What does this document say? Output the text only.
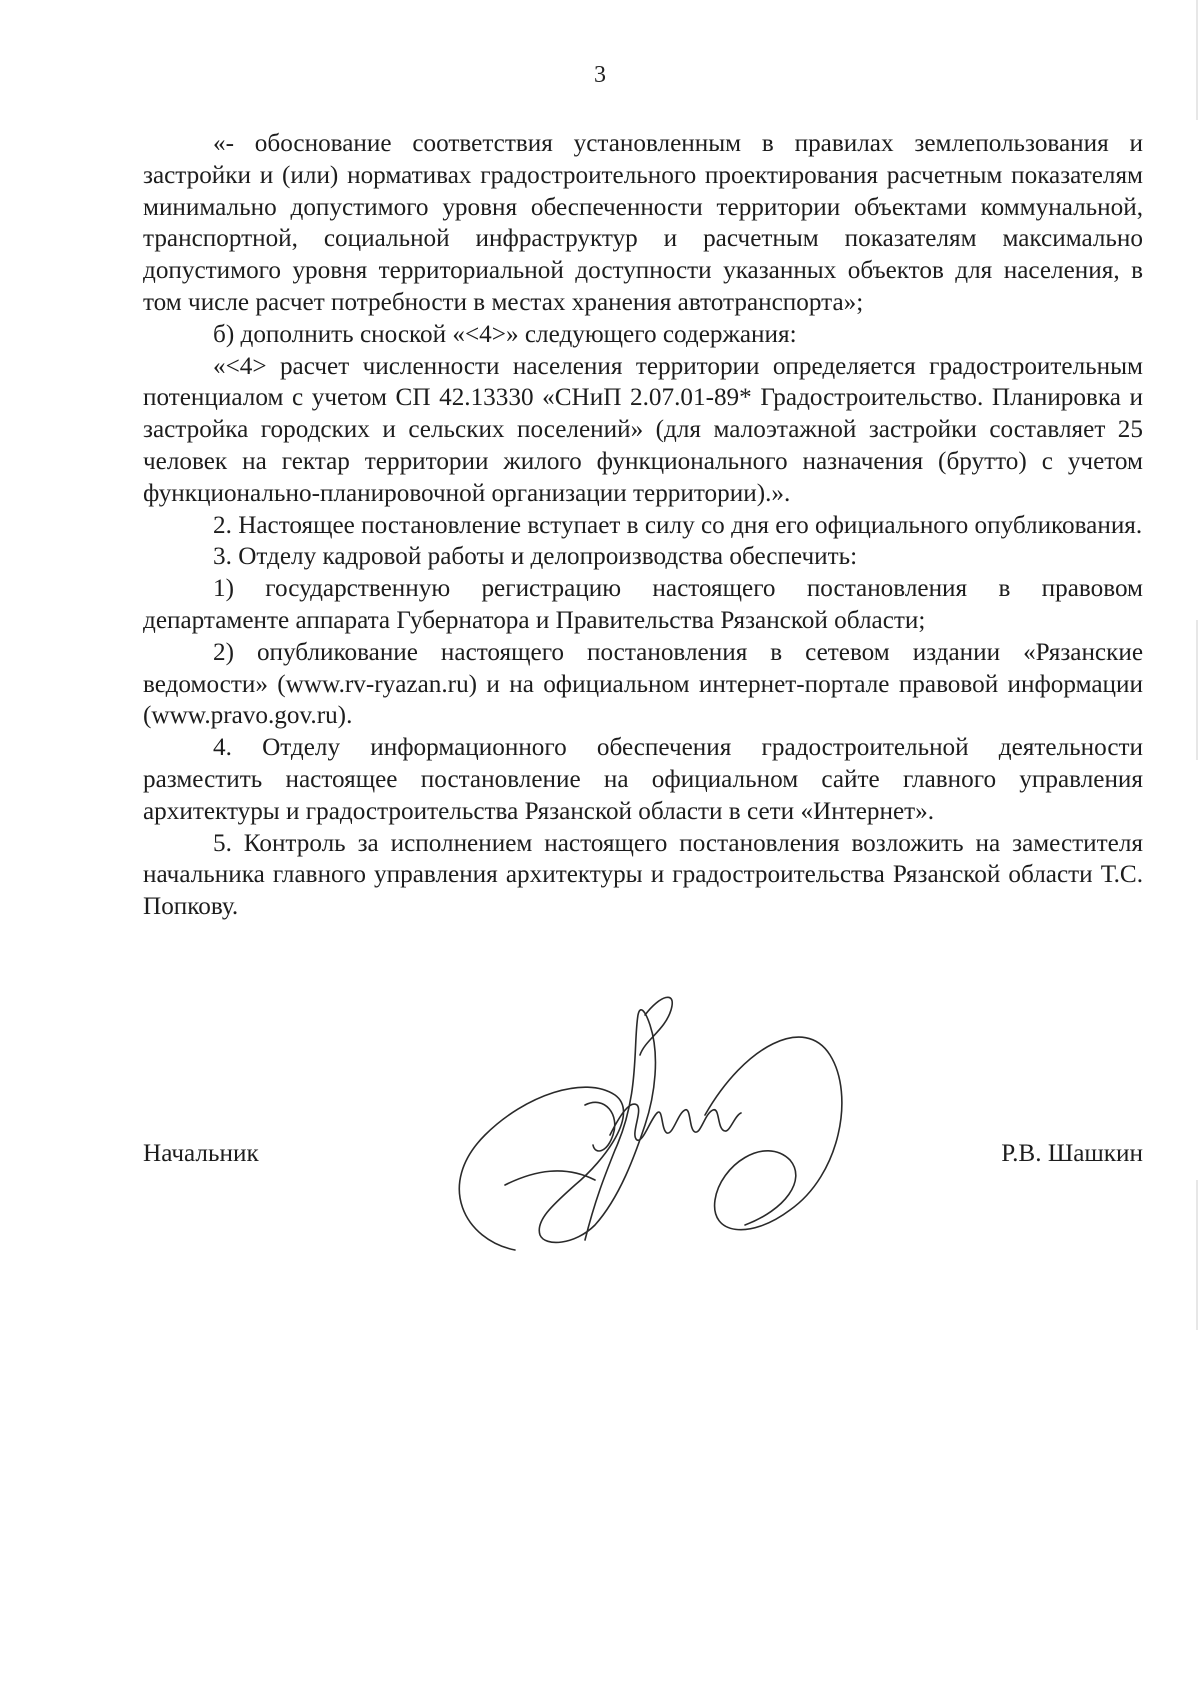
3

«- обоснование соответствия установленным в правилах землепользования и застройки и (или) нормативах градостроительного проектирования расчетным показателям минимально допустимого уровня обеспеченности территории объектами коммунальной, транспортной, социальной инфраструктур и расчетным показателям максимально допустимого уровня территориальной доступности указанных объектов для населения, в том числе расчет потребности в местах хранения автотранспорта»;

б) дополнить сноской «<4>» следующего содержания:

«<4> расчет численности населения территории определяется градостроительным потенциалом с учетом СП 42.13330 «СНиП 2.07.01-89* Градостроительство. Планировка и застройка городских и сельских поселений» (для малоэтажной застройки составляет 25 человек на гектар территории жилого функционального назначения (брутто) с учетом функционально-планировочной организации территории).».

2. Настоящее постановление вступает в силу со дня его официального опубликования.

3. Отделу кадровой работы и делопроизводства обеспечить:

1) государственную регистрацию настоящего постановления в правовом департаменте аппарата Губернатора и Правительства Рязанской области;

2) опубликование настоящего постановления в сетевом издании «Рязанские ведомости» (www.rv-ryazan.ru) и на официальном интернет-портале правовой информации (www.pravo.gov.ru).

4. Отделу информационного обеспечения градостроительной деятельности разместить настоящее постановление на официальном сайте главного управления архитектуры и градостроительства Рязанской области в сети «Интернет».

5. Контроль за исполнением настоящего постановления возложить на заместителя начальника главного управления архитектуры и градостроительства Рязанской области Т.С. Попкову.

Начальник	Р.В. Шашкин
